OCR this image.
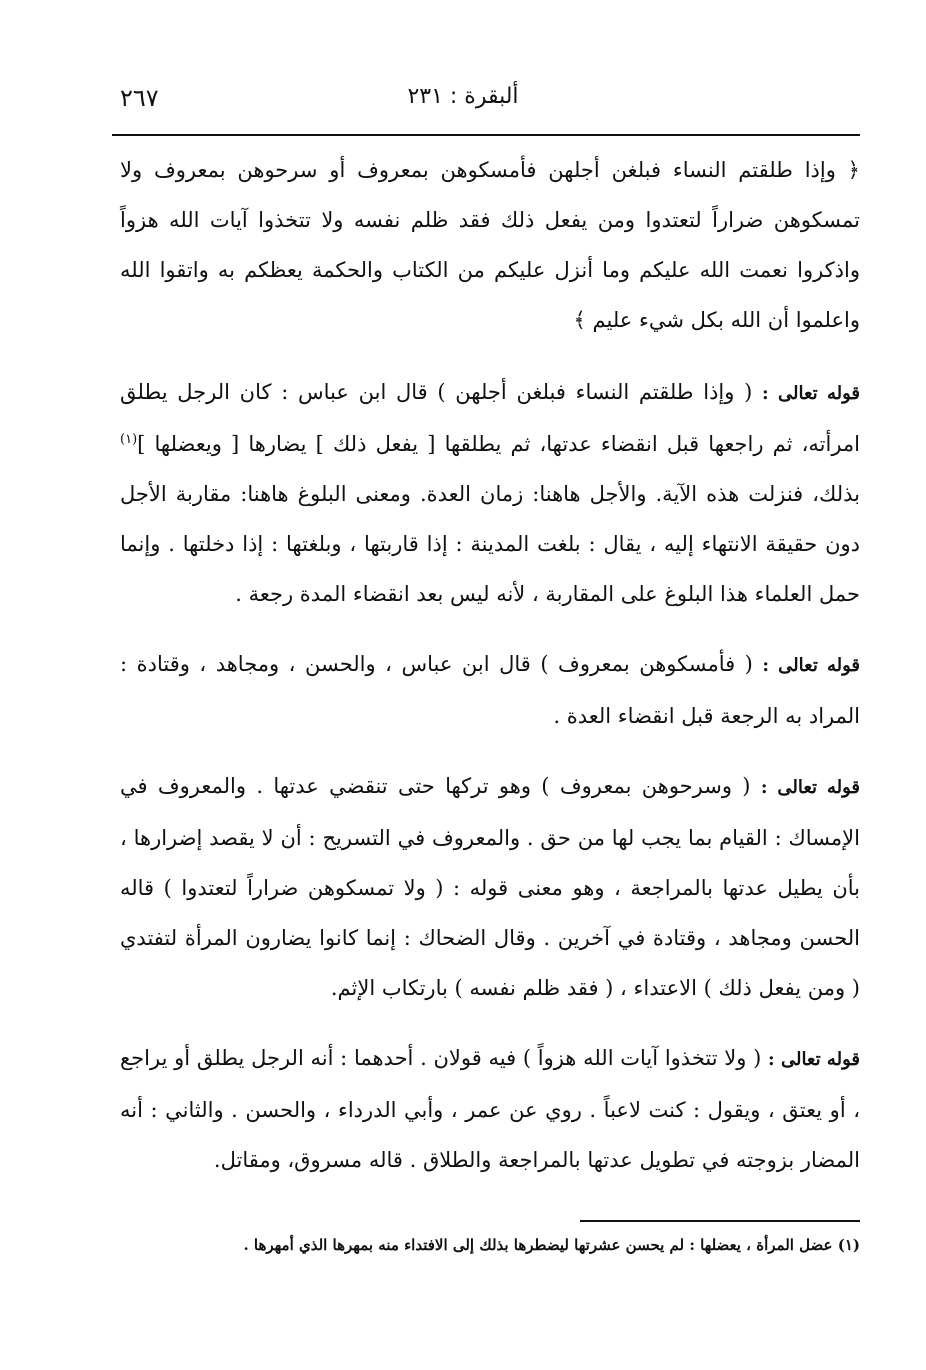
٢٦٧	ألبقرة : ٢٣١

﴿ وإذا طلقتم النساء فبلغن أجلهن فأمسكوهن بمعروف أو سرحوهن بمعروف ولا تمسكوهن ضراراً لتعتدوا ومن يفعل ذلك فقد ظلم نفسه ولا تتخذوا آيات الله هزواً واذكروا نعمت الله عليكم وما أنزل عليكم من الكتاب والحكمة يعظكم به واتقوا الله واعلموا أن الله بكل شيء عليم ﴾

قوله تعالى : ( وإذا طلقتم النساء فبلغن أجلهن ) قال ابن عباس : كان الرجل يطلق امرأته، ثم راجعها قبل انقضاء عدتها، ثم يطلقها [ يفعل ذلك ] يضارها [ ويعضلها ]$^{(١)}$ بذلك، فنزلت هذه الآية. والأجل هاهنا: زمان العدة. ومعنى البلوغ هاهنا: مقاربة الأجل دون حقيقة الانتهاء إليه ، يقال : بلغت المدينة : إذا قاربتها ، وبلغتها : إذا دخلتها . وإنما حمل العلماء هذا البلوغ على المقاربة ، لأنه ليس بعد انقضاء المدة رجعة .

قوله تعالى : ( فأمسكوهن بمعروف ) قال ابن عباس ، والحسن ، ومجاهد ، وقتادة : المراد به الرجعة قبل انقضاء العدة .

قوله تعالى : ( وسرحوهن بمعروف ) وهو تركها حتى تنقضي عدتها . والمعروف في الإمساك : القيام بما يجب لها من حق . والمعروف في التسريح : أن لا يقصد إضرارها ، بأن يطيل عدتها بالمراجعة ، وهو معنى قوله : ( ولا تمسكوهن ضراراً لتعتدوا ) قاله الحسن ومجاهد ، وقتادة في آخرين . وقال الضحاك : إنما كانوا يضارون المرأة لتفتدي ( ومن يفعل ذلك ) الاعتداء ، ( فقد ظلم نفسه ) بارتكاب الإثم.

قوله تعالى : ( ولا تتخذوا آيات الله هزواً ) فيه قولان . أحدهما : أنه الرجل يطلق أو يراجع ، أو يعتق ، ويقول : كنت لاعباً . روي عن عمر ، وأبي الدرداء ، والحسن . والثاني : أنه المضار بزوجته في تطويل عدتها بالمراجعة والطلاق . قاله مسروق، ومقاتل.

(١) عضل المرأة ، يعضلها : لم يحسن عشرتها ليضطرها بذلك إلى الافتداء منه بمهرها الذي أمهرها .
